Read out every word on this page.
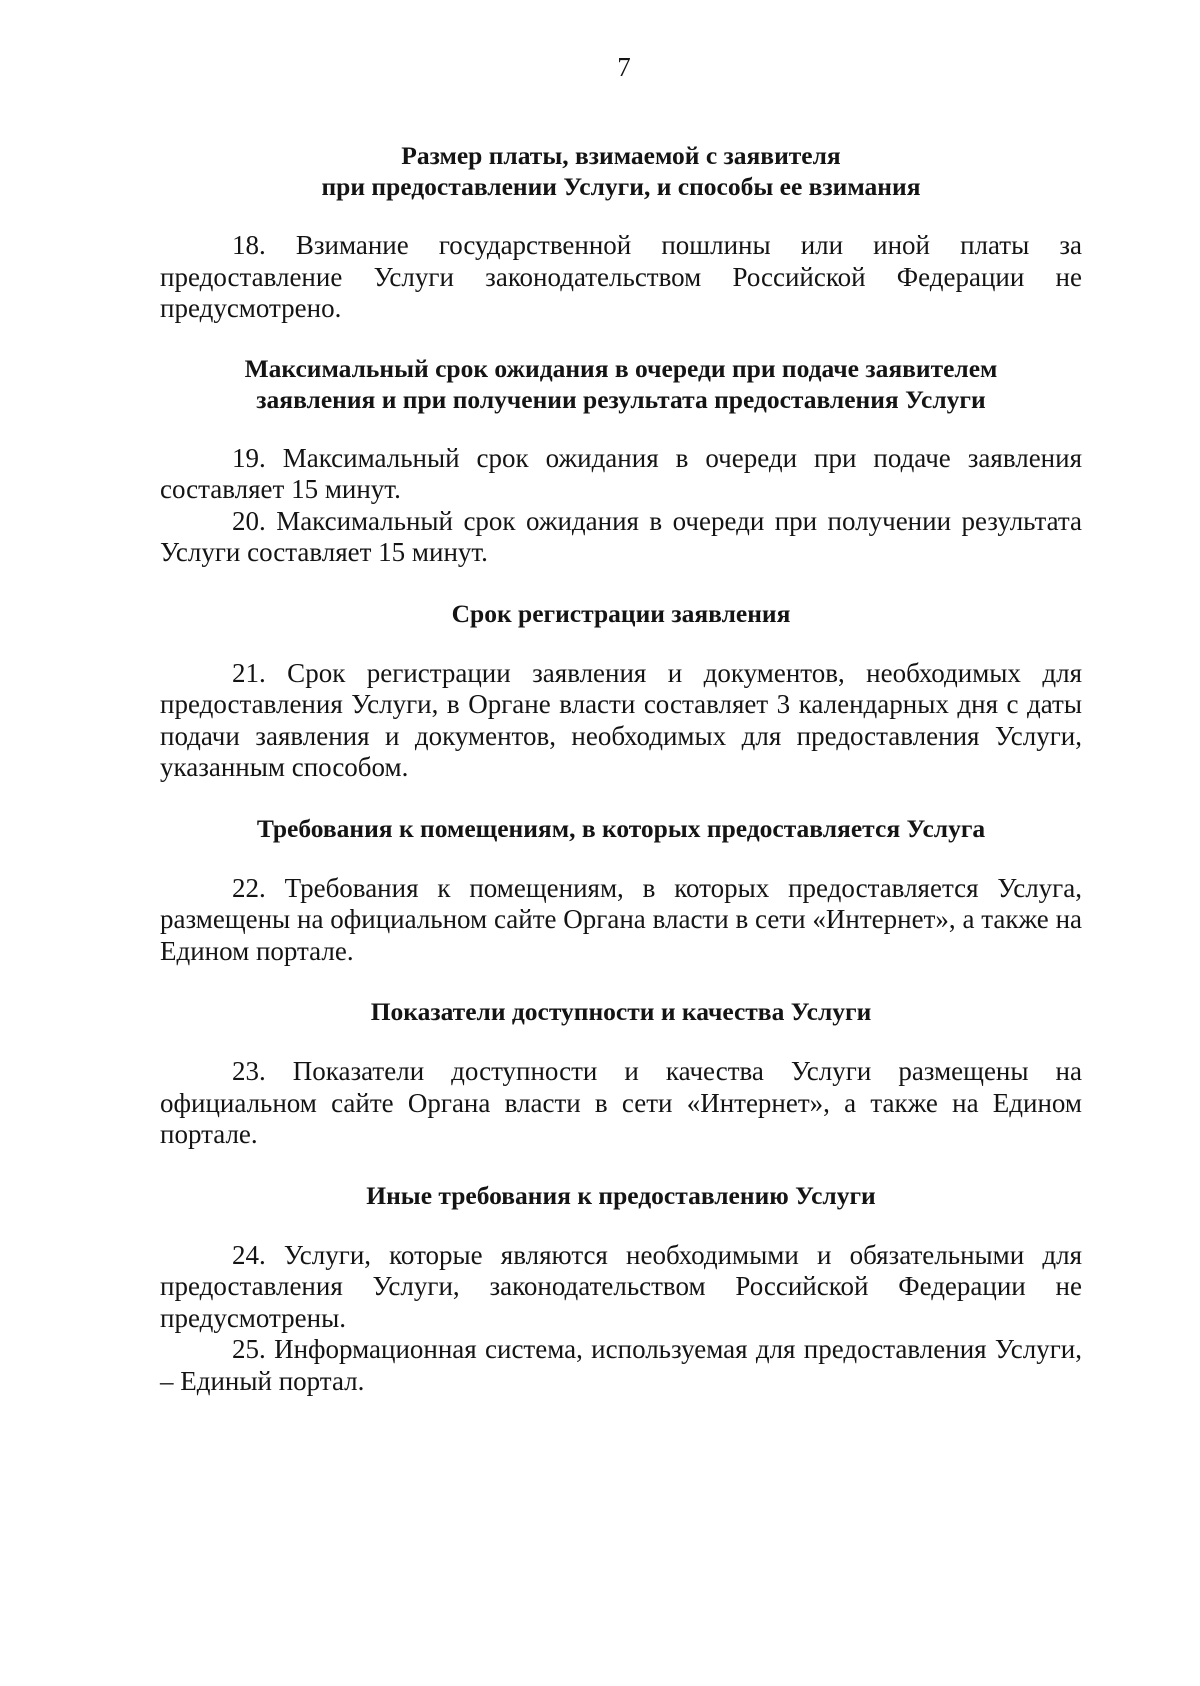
7
Размер платы, взимаемой с заявителя
при предоставлении Услуги, и способы ее взимания

18. Взимание государственной пошлины или иной платы за предоставление Услуги законодательством Российской Федерации не предусмотрено.

Максимальный срок ожидания в очереди при подаче заявителем
заявления и при получении результата предоставления Услуги

19. Максимальный срок ожидания в очереди при подаче заявления составляет 15 минут.

20. Максимальный срок ожидания в очереди при получении результата Услуги составляет 15 минут.

Срок регистрации заявления

21. Срок регистрации заявления и документов, необходимых для предоставления Услуги, в Органе власти составляет 3 календарных дня с даты подачи заявления и документов, необходимых для предоставления Услуги, указанным способом.

Требования к помещениям, в которых предоставляется Услуга

22. Требования к помещениям, в которых предоставляется Услуга, размещены на официальном сайте Органа власти в сети «Интернет», а также на Едином портале.

Показатели доступности и качества Услуги

23. Показатели доступности и качества Услуги размещены на официальном сайте Органа власти в сети «Интернет», а также на Едином портале.

Иные требования к предоставлению Услуги

24. Услуги, которые являются необходимыми и обязательными для предоставления Услуги, законодательством Российской Федерации не предусмотрены.

25. Информационная система, используемая для предоставления Услуги, – Единый портал.
